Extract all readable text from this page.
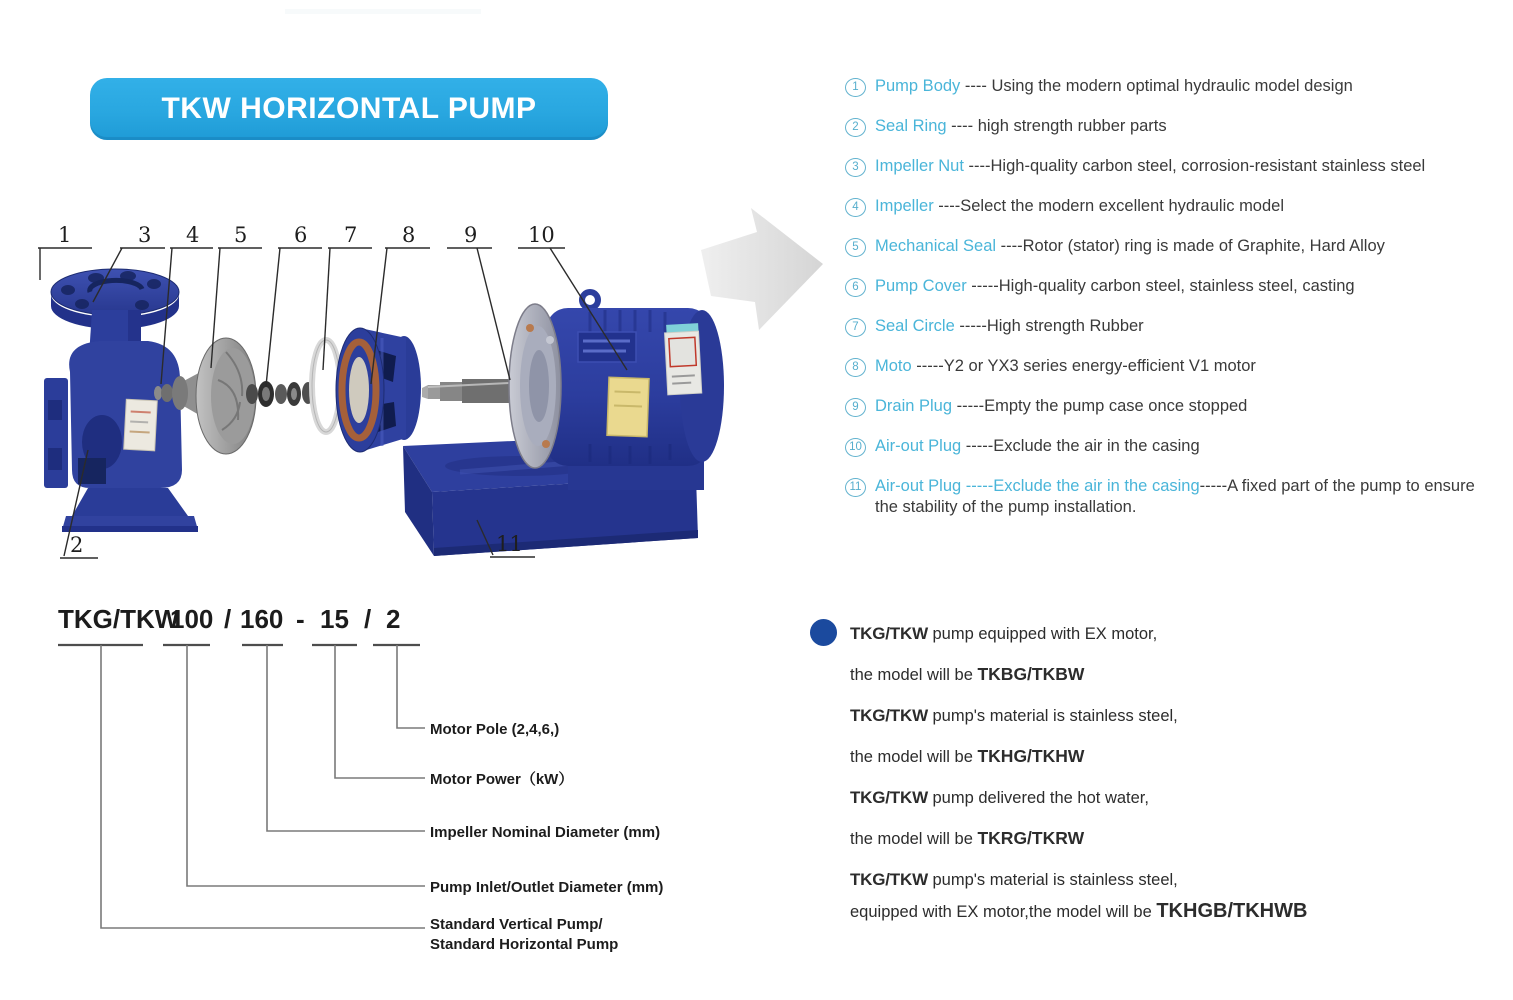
TKW HORIZONTAL PUMP
1	3 4 5 6 7 8 9 10
2	11
1 Pump Body ---- Using the modern optimal hydraulic model design
2 Seal Ring ---- high strength rubber parts
3 Impeller Nut ----High-quality carbon steel, corrosion-resistant stainless steel
4 Impeller ----Select the modern excellent hydraulic model
5 Mechanical Seal ----Rotor (stator) ring is made of Graphite, Hard Alloy
6 Pump Cover -----High-quality carbon steel, stainless steel, casting
7 Seal Circle -----High strength Rubber
8 Moto -----Y2 or YX3 series energy-efficient V1 motor
9 Drain Plug -----Empty the pump case once stopped
10 Air-out Plug -----Exclude the air in the casing
11 Air-out Plug -----Exclude the air in the casing-----A fixed part of the pump to ensure the stability of the pump installation.
TKG/TKW
100 / 160 - 15 / 2
Motor Pole (2,4,6,)
Motor Power（kW）
Impeller Nominal Diameter (mm)
Pump Inlet/Outlet Diameter (mm)
Standard Vertical Pump/
Standard Horizontal Pump
TKG/TKW pump equipped with EX motor,
the model will be TKBG/TKBW
TKG/TKW pump's material is stainless steel,
the model will be TKHG/TKHW
TKG/TKW pump delivered the hot water,
the model will be TKRG/TKRW
TKG/TKW pump's material is stainless steel,
equipped with EX motor,the model will be TKHGB/TKHWB
